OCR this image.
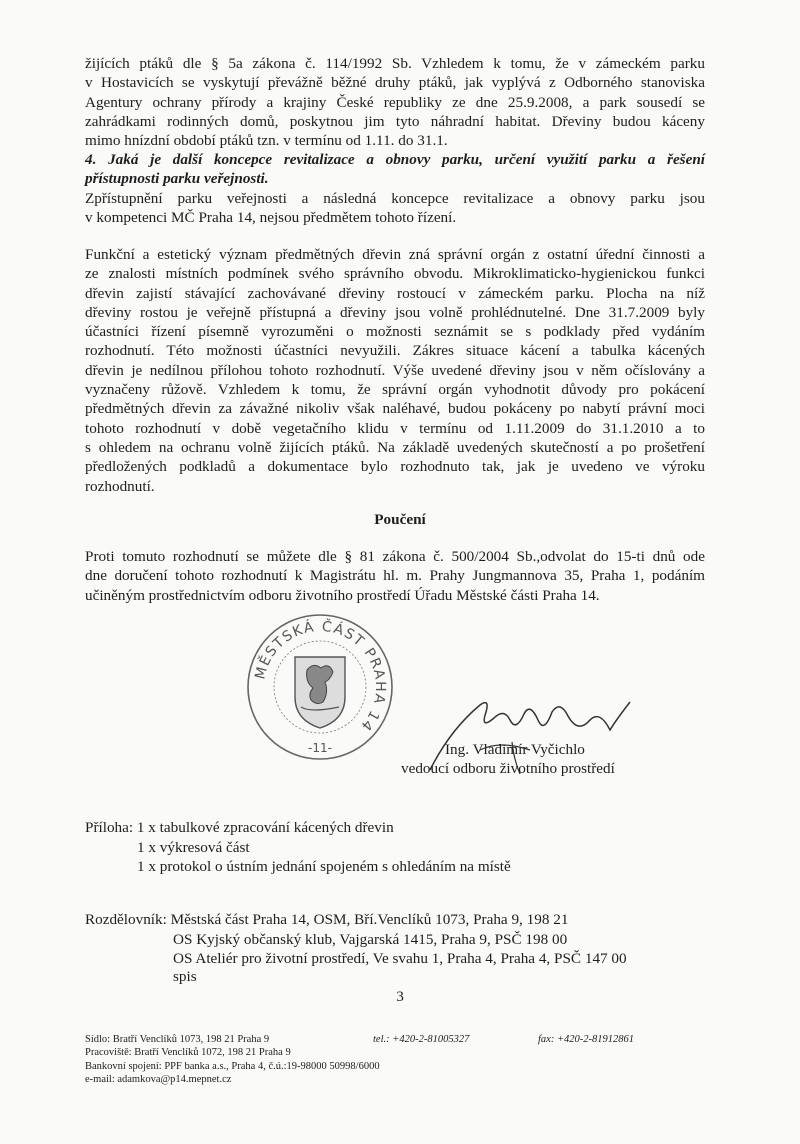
žijících ptáků dle § 5a zákona č. 114/1992 Sb. Vzhledem k tomu, že v zámeckém parku
v Hostavicích se vyskytují převážně běžné druhy ptáků, jak vyplývá z Odborného stanoviska
Agentury ochrany přírody a krajiny České republiky ze dne 25.9.2008, a park sousedí se
zahrádkami rodinných domů, poskytnou jim tyto náhradní habitat. Dřeviny budou káceny
mimo hnízdní období ptáků tzn. v termínu od 1.11. do 31.1.
4. Jaká je další koncepce revitalizace a obnovy parku, určení využití parku a řešení
přístupnosti parku veřejnosti.
Zpřístupnění parku veřejnosti a následná koncepce revitalizace a obnovy parku jsou
v kompetenci MČ Praha 14, nejsou předmětem tohoto řízení.
Funkční a estetický význam předmětných dřevin zná správní orgán z ostatní úřední činnosti a
ze znalosti místních podmínek svého správního obvodu. Mikroklimaticko-hygienickou funkci
dřevin zajistí stávající zachovávané dřeviny rostoucí v zámeckém parku. Plocha na níž
dřeviny rostou je veřejně přístupná a dřeviny jsou volně prohlédnutelné. Dne 31.7.2009 byly
účastníci řízení písemně vyrozuměni o možnosti seznámit se s podklady před vydáním
rozhodnutí. Této možnosti účastníci nevyužili. Zákres situace kácení a tabulka kácených
dřevin je nedílnou přílohou tohoto rozhodnutí. Výše uvedené dřeviny jsou v něm očíslovány a
vyznačeny růžově. Vzhledem k tomu, že správní orgán vyhodnotit důvody pro pokácení
předmětných dřevin za závažné nikoliv však naléhavé, budou pokáceny po nabytí právní moci
tohoto rozhodnutí v době vegetačního klidu v termínu od 1.11.2009 do 31.1.2010 a to
s ohledem na ochranu volně žijících ptáků. Na základě uvedených skutečností a po prošetření
předložených podkladů a dokumentace bylo rozhodnuto tak, jak je uvedeno ve výroku
rozhodnutí.
Poučení
Proti tomuto rozhodnutí se můžete dle § 81 zákona č. 500/2004 Sb.,odvolat do 15-ti dnů ode
dne doručení tohoto rozhodnutí k Magistrátu hl. m. Prahy Jungmannova 35, Praha 1, podáním
učiněným prostřednictvím odboru životního prostředí Úřadu Městské části Praha 14.
MĚSTSKÁ ČÁST PRAHA 14
-11-	Ing. Vladimír Vyčichlo
vedoucí odboru životního prostředí
Příloha: 1 x tabulkové zpracování kácených dřevin
1 x výkresová část
1 x protokol o ústním jednání spojeném s ohledáním na místě
Rozdělovník: Městská část Praha 14, OSM, Bří.Venclíků 1073, Praha 9, 198 21
OS Kyjský občanský klub, Vajgarská 1415, Praha 9, PSČ 198 00
OS Ateliér pro životní prostředí, Ve svahu 1, Praha 4, Praha 4, PSČ 147 00
spis
3
Sídlo: Bratří Venclíků 1073, 198 21 Praha 9
Pracoviště: Bratří Venclíků 1072, 198 21 Praha 9
Bankovní spojení: PPF banka a.s., Praha 4, č.ú.:19-98000 50998/6000
e-mail: adamkova@p14.mepnet.cz
tel.: +420-2-81005327	fax: +420-2-81912861
